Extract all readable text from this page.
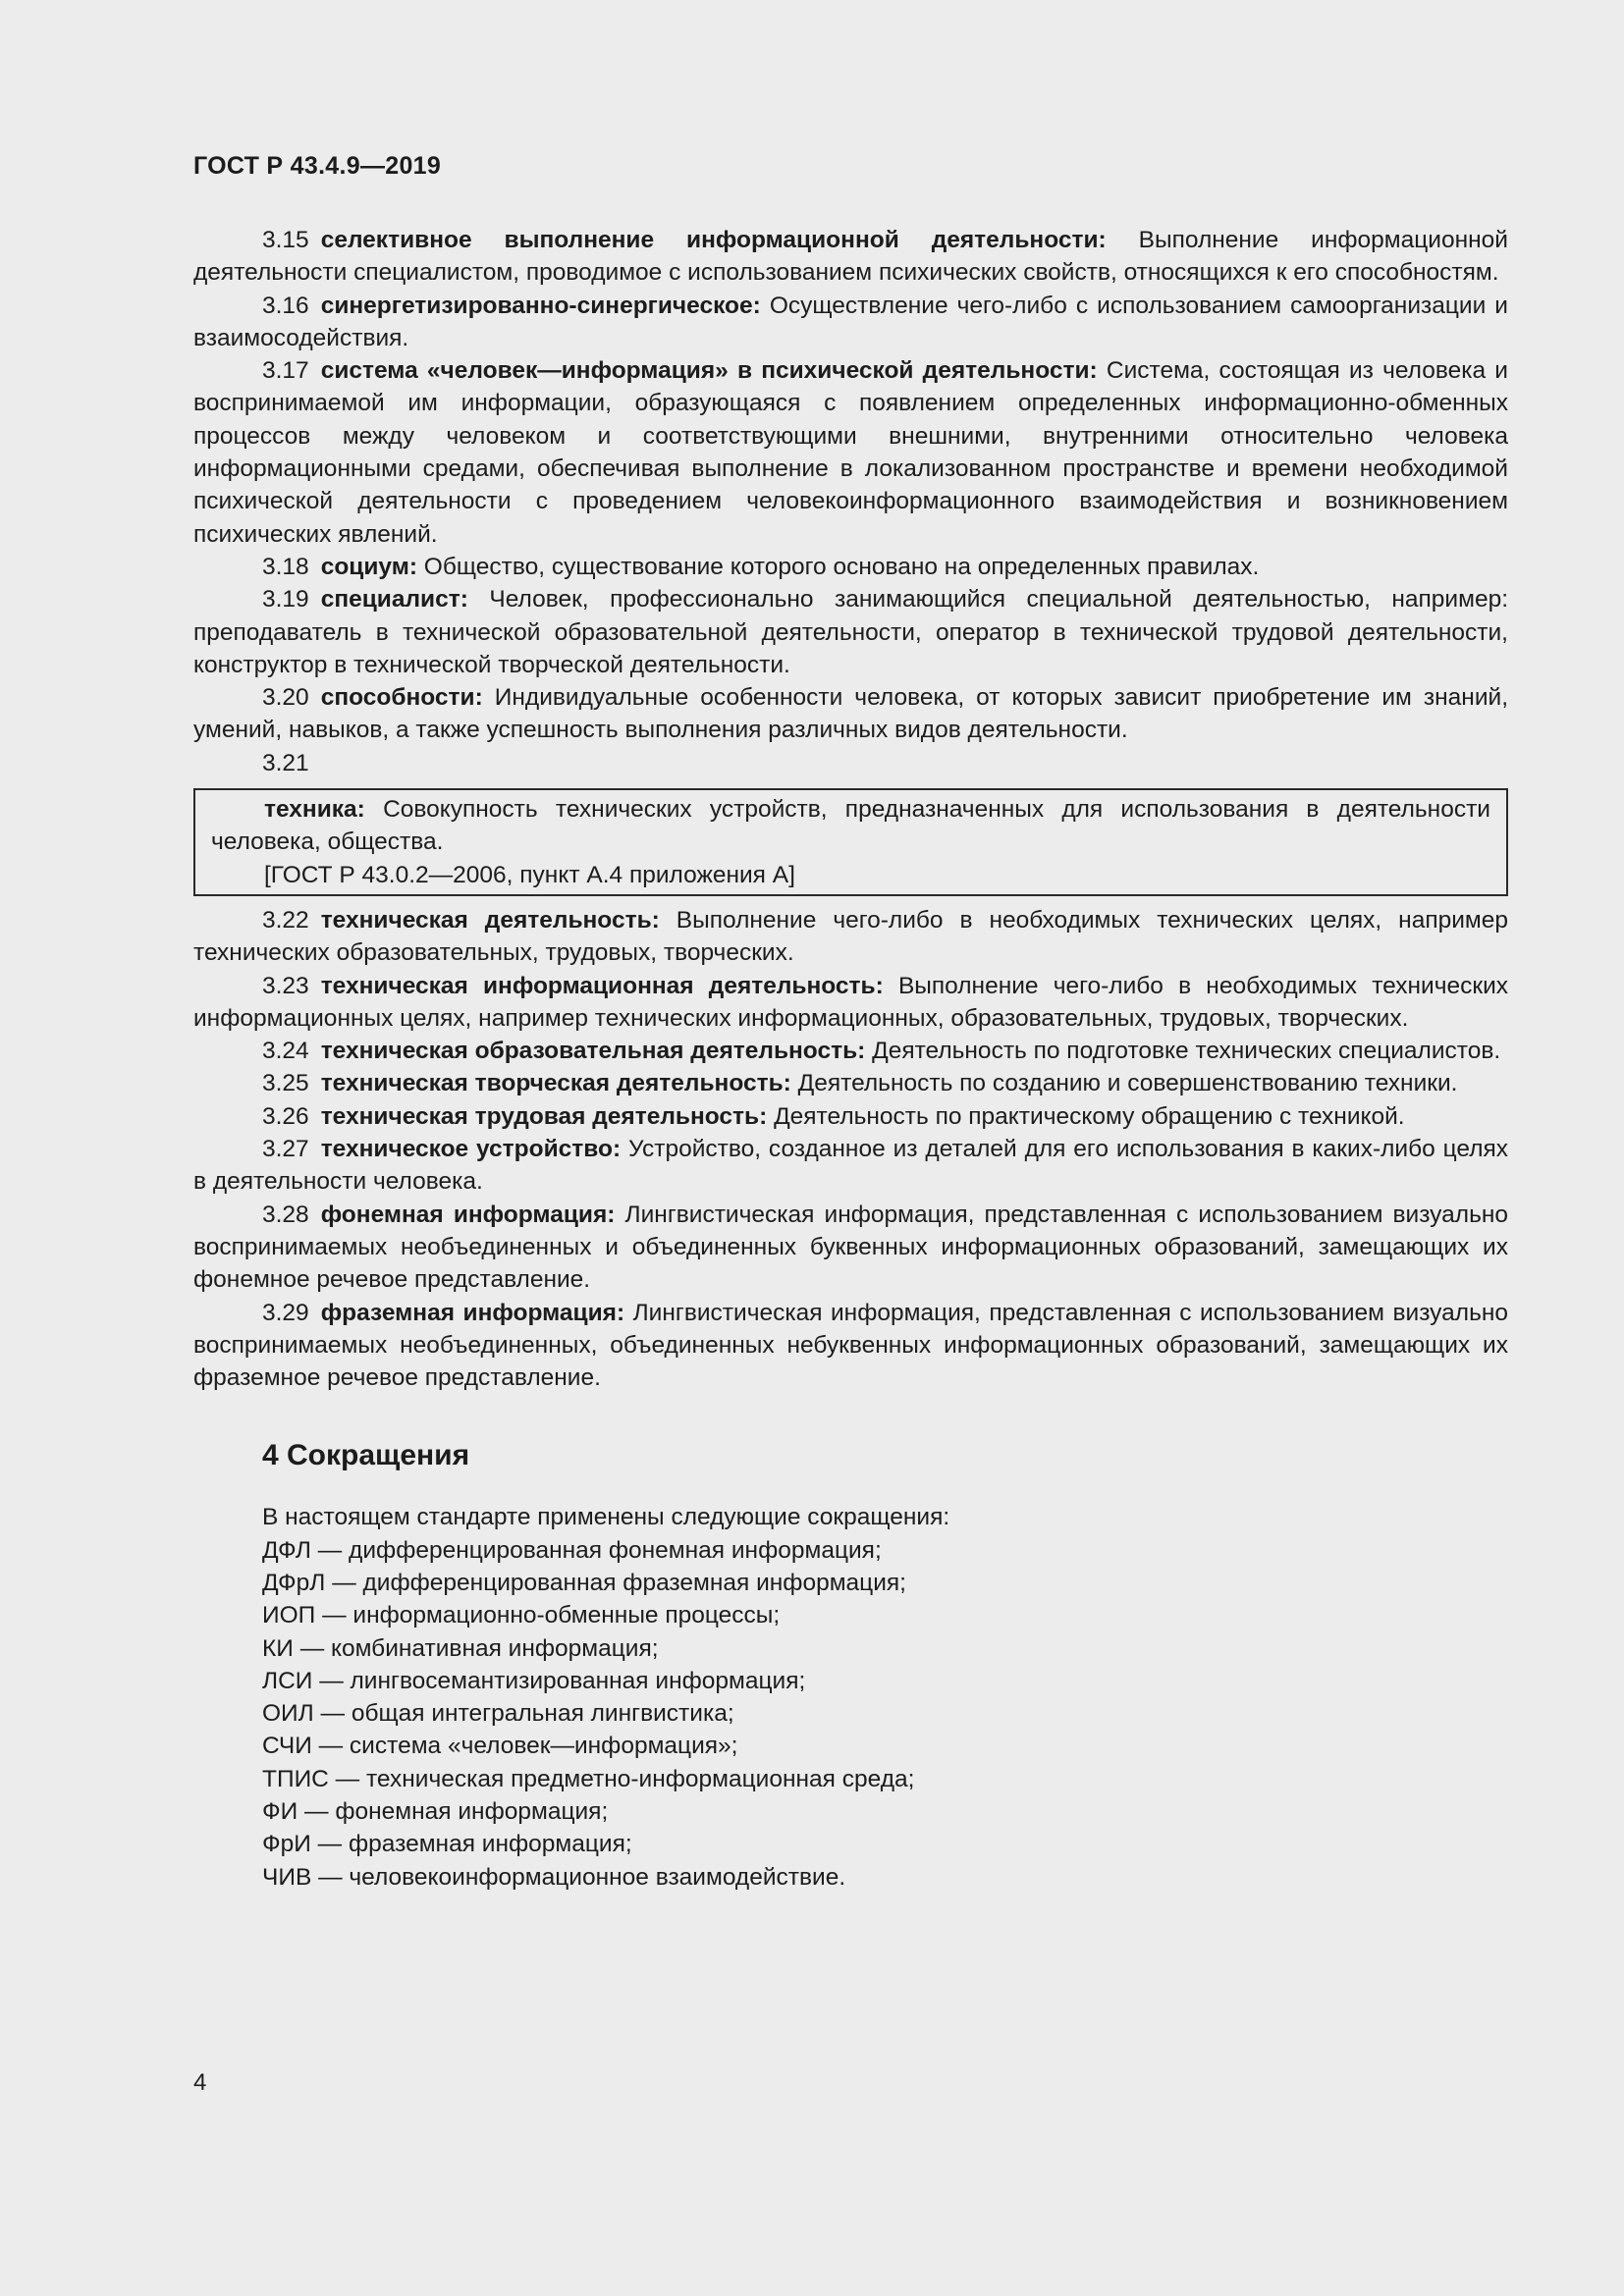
ГОСТ Р 43.4.9—2019

3.15 селективное выполнение информационной деятельности: Выполнение информационной деятельности специалистом, проводимое с использованием психических свойств, относящихся к его способностям.

3.16 синергетизированно-синергическое: Осуществление чего-либо с использованием самоорганизации и взаимосодействия.

3.17 система «человек—информация» в психической деятельности: Система, состоящая из человека и воспринимаемой им информации, образующаяся с появлением определенных информационно-обменных процессов между человеком и соответствующими внешними, внутренними относительно человека информационными средами, обеспечивая выполнение в локализованном пространстве и времени необходимой психической деятельности с проведением человекоинформационного взаимодействия и возникновением психических явлений.

3.18 социум: Общество, существование которого основано на определенных правилах.

3.19 специалист: Человек, профессионально занимающийся специальной деятельностью, например: преподаватель в технической образовательной деятельности, оператор в технической трудовой деятельности, конструктор в технической творческой деятельности.

3.20 способности: Индивидуальные особенности человека, от которых зависит приобретение им знаний, умений, навыков, а также успешность выполнения различных видов деятельности.

3.21

техника: Совокупность технических устройств, предназначенных для использования в деятельности человека, общества.

[ГОСТ Р 43.0.2—2006, пункт А.4 приложения А]

3.22 техническая деятельность: Выполнение чего-либо в необходимых технических целях, например технических образовательных, трудовых, творческих.

3.23 техническая информационная деятельность: Выполнение чего-либо в необходимых технических информационных целях, например технических информационных, образовательных, трудовых, творческих.

3.24 техническая образовательная деятельность: Деятельность по подготовке технических специалистов.

3.25 техническая творческая деятельность: Деятельность по созданию и совершенствованию техники.

3.26 техническая трудовая деятельность: Деятельность по практическому обращению с техникой.

3.27 техническое устройство: Устройство, созданное из деталей для его использования в каких-либо целях в деятельности человека.

3.28 фонемная информация: Лингвистическая информация, представленная с использованием визуально воспринимаемых необъединенных и объединенных буквенных информационных образований, замещающих их фонемное речевое представление.

3.29 фраземная информация: Лингвистическая информация, представленная с использованием визуально воспринимаемых необъединенных, объединенных небуквенных информационных образований, замещающих их фраземное речевое представление.

4 Сокращения

В настоящем стандарте применены следующие сокращения:

ДФЛ — дифференцированная фонемная информация;

ДФрЛ — дифференцированная фраземная информация;

ИОП — информационно-обменные процессы;

КИ — комбинативная информация;

ЛСИ — лингвосемантизированная информация;

ОИЛ — общая интегральная лингвистика;

СЧИ — система «человек—информация»;

ТПИС — техническая предметно-информационная среда;

ФИ — фонемная информация;

ФрИ — фраземная информация;

ЧИВ — человекоинформационное взаимодействие.

4
